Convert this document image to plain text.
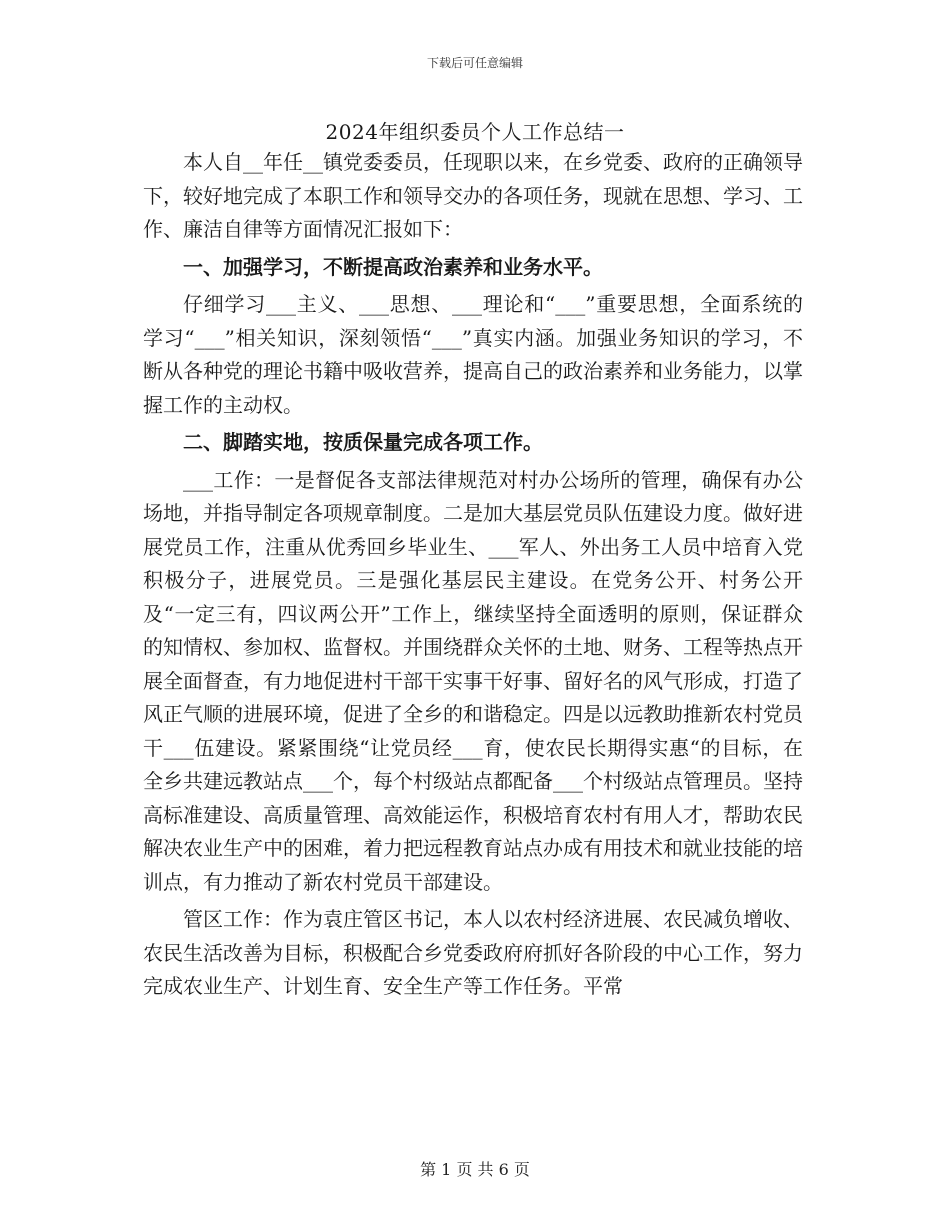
下载后可任意编辑
2024年组织委员个人工作总结一

本人自__年任__镇党委委员，任现职以来，在乡党委、政府的正确领导下，较好地完成了本职工作和领导交办的各项任务，现就在思想、学习、工作、廉洁自律等方面情况汇报如下：

一、加强学习，不断提高政治素养和业务水平。

仔细学习___主义、___思想、___理论和“___”重要思想，全面系统的学习“___”相关知识，深刻领悟“___”真实内涵。加强业务知识的学习，不断从各种党的理论书籍中吸收营养，提高自己的政治素养和业务能力，以掌握工作的主动权。

二、脚踏实地，按质保量完成各项工作。

___工作：一是督促各支部法律规范对村办公场所的管理，确保有办公场地，并指导制定各项规章制度。二是加大基层党员队伍建设力度。做好进展党员工作，注重从优秀回乡毕业生、___军人、外出务工人员中培育入党积极分子，进展党员。三是强化基层民主建设。在党务公开、村务公开及“一定三有，四议两公开”工作上，继续坚持全面透明的原则，保证群众的知情权、参加权、监督权。并围绕群众关怀的土地、财务、工程等热点开展全面督查，有力地促进村干部干实事干好事、留好名的风气形成，打造了风正气顺的进展环境，促进了全乡的和谐稳定。四是以远教助推新农村党员干___伍建设。紧紧围绕“让党员经___育，使农民长期得实惠“的目标，在全乡共建远教站点___个，每个村级站点都配备___个村级站点管理员。坚持高标准建设、高质量管理、高效能运作，积极培育农村有用人才，帮助农民解决农业生产中的困难，着力把远程教育站点办成有用技术和就业技能的培训点，有力推动了新农村党员干部建设。

管区工作：作为袁庄管区书记，本人以农村经济进展、农民减负增收、农民生活改善为目标，积极配合乡党委政府府抓好各阶段的中心工作，努力完成农业生产、计划生育、安全生产等工作任务。平常

第 1 页 共 6 页
